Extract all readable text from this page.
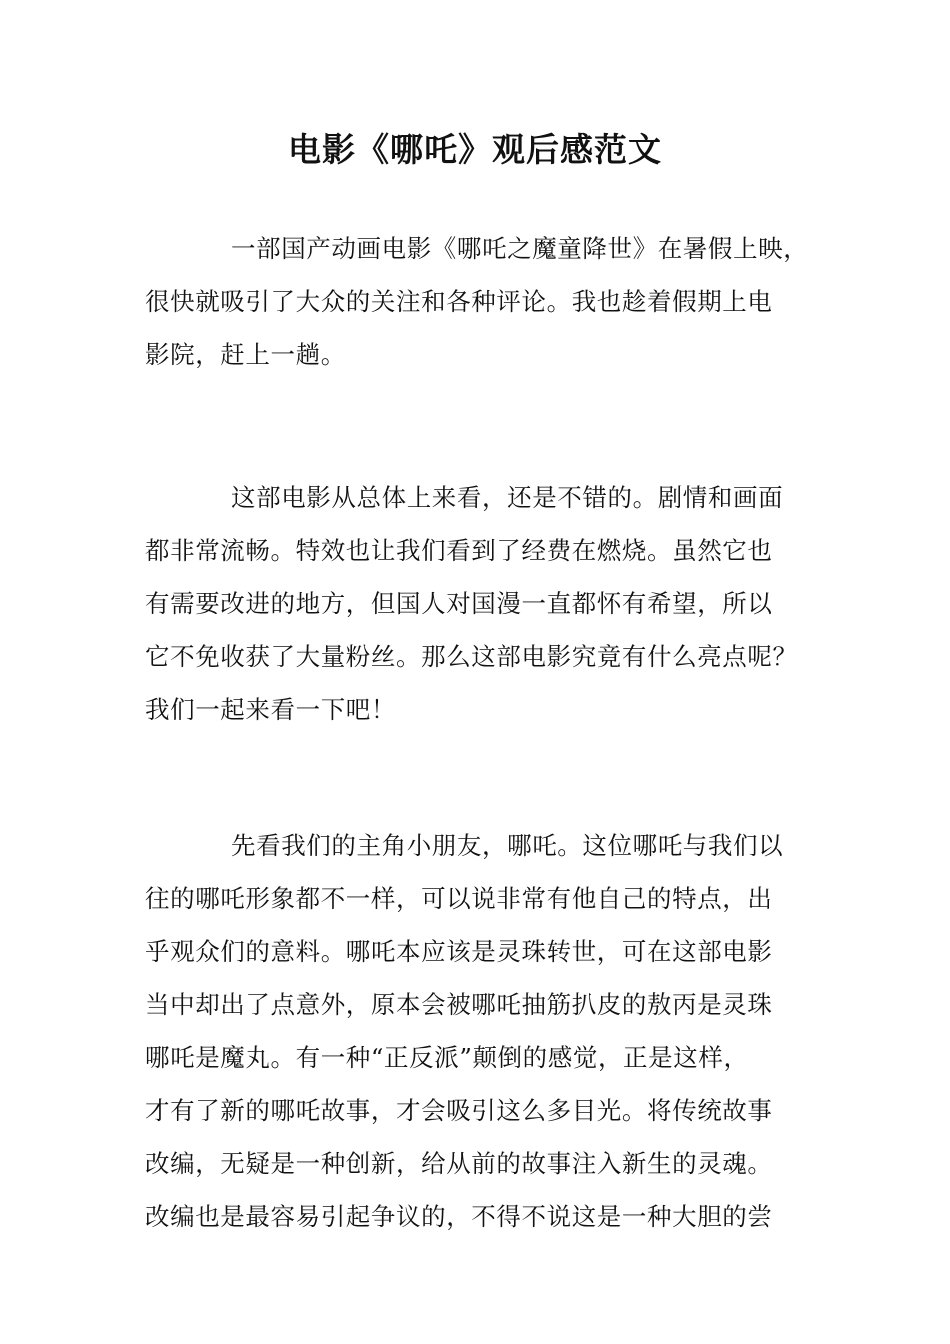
电影《哪吒》观后感范文
一部国产动画电影《哪吒之魔童降世》在暑假上映，
很快就吸引了大众的关注和各种评论。我也趁着假期上电
影院，赶上一趟。
这部电影从总体上来看，还是不错的。剧情和画面
都非常流畅。特效也让我们看到了经费在燃烧。虽然它也
有需要改进的地方，但国人对国漫一直都怀有希望，所以
它不免收获了大量粉丝。那么这部电影究竟有什么亮点呢？
我们一起来看一下吧！
先看我们的主角小朋友，哪吒。这位哪吒与我们以
往的哪吒形象都不一样，可以说非常有他自己的特点，出
乎观众们的意料。哪吒本应该是灵珠转世，可在这部电影
当中却出了点意外，原本会被哪吒抽筋扒皮的敖丙是灵珠
哪吒是魔丸。有一种“正反派”颠倒的感觉，正是这样，
才有了新的哪吒故事，才会吸引这么多目光。将传统故事
改编，无疑是一种创新，给从前的故事注入新生的灵魂。
改编也是最容易引起争议的，不得不说这是一种大胆的尝
